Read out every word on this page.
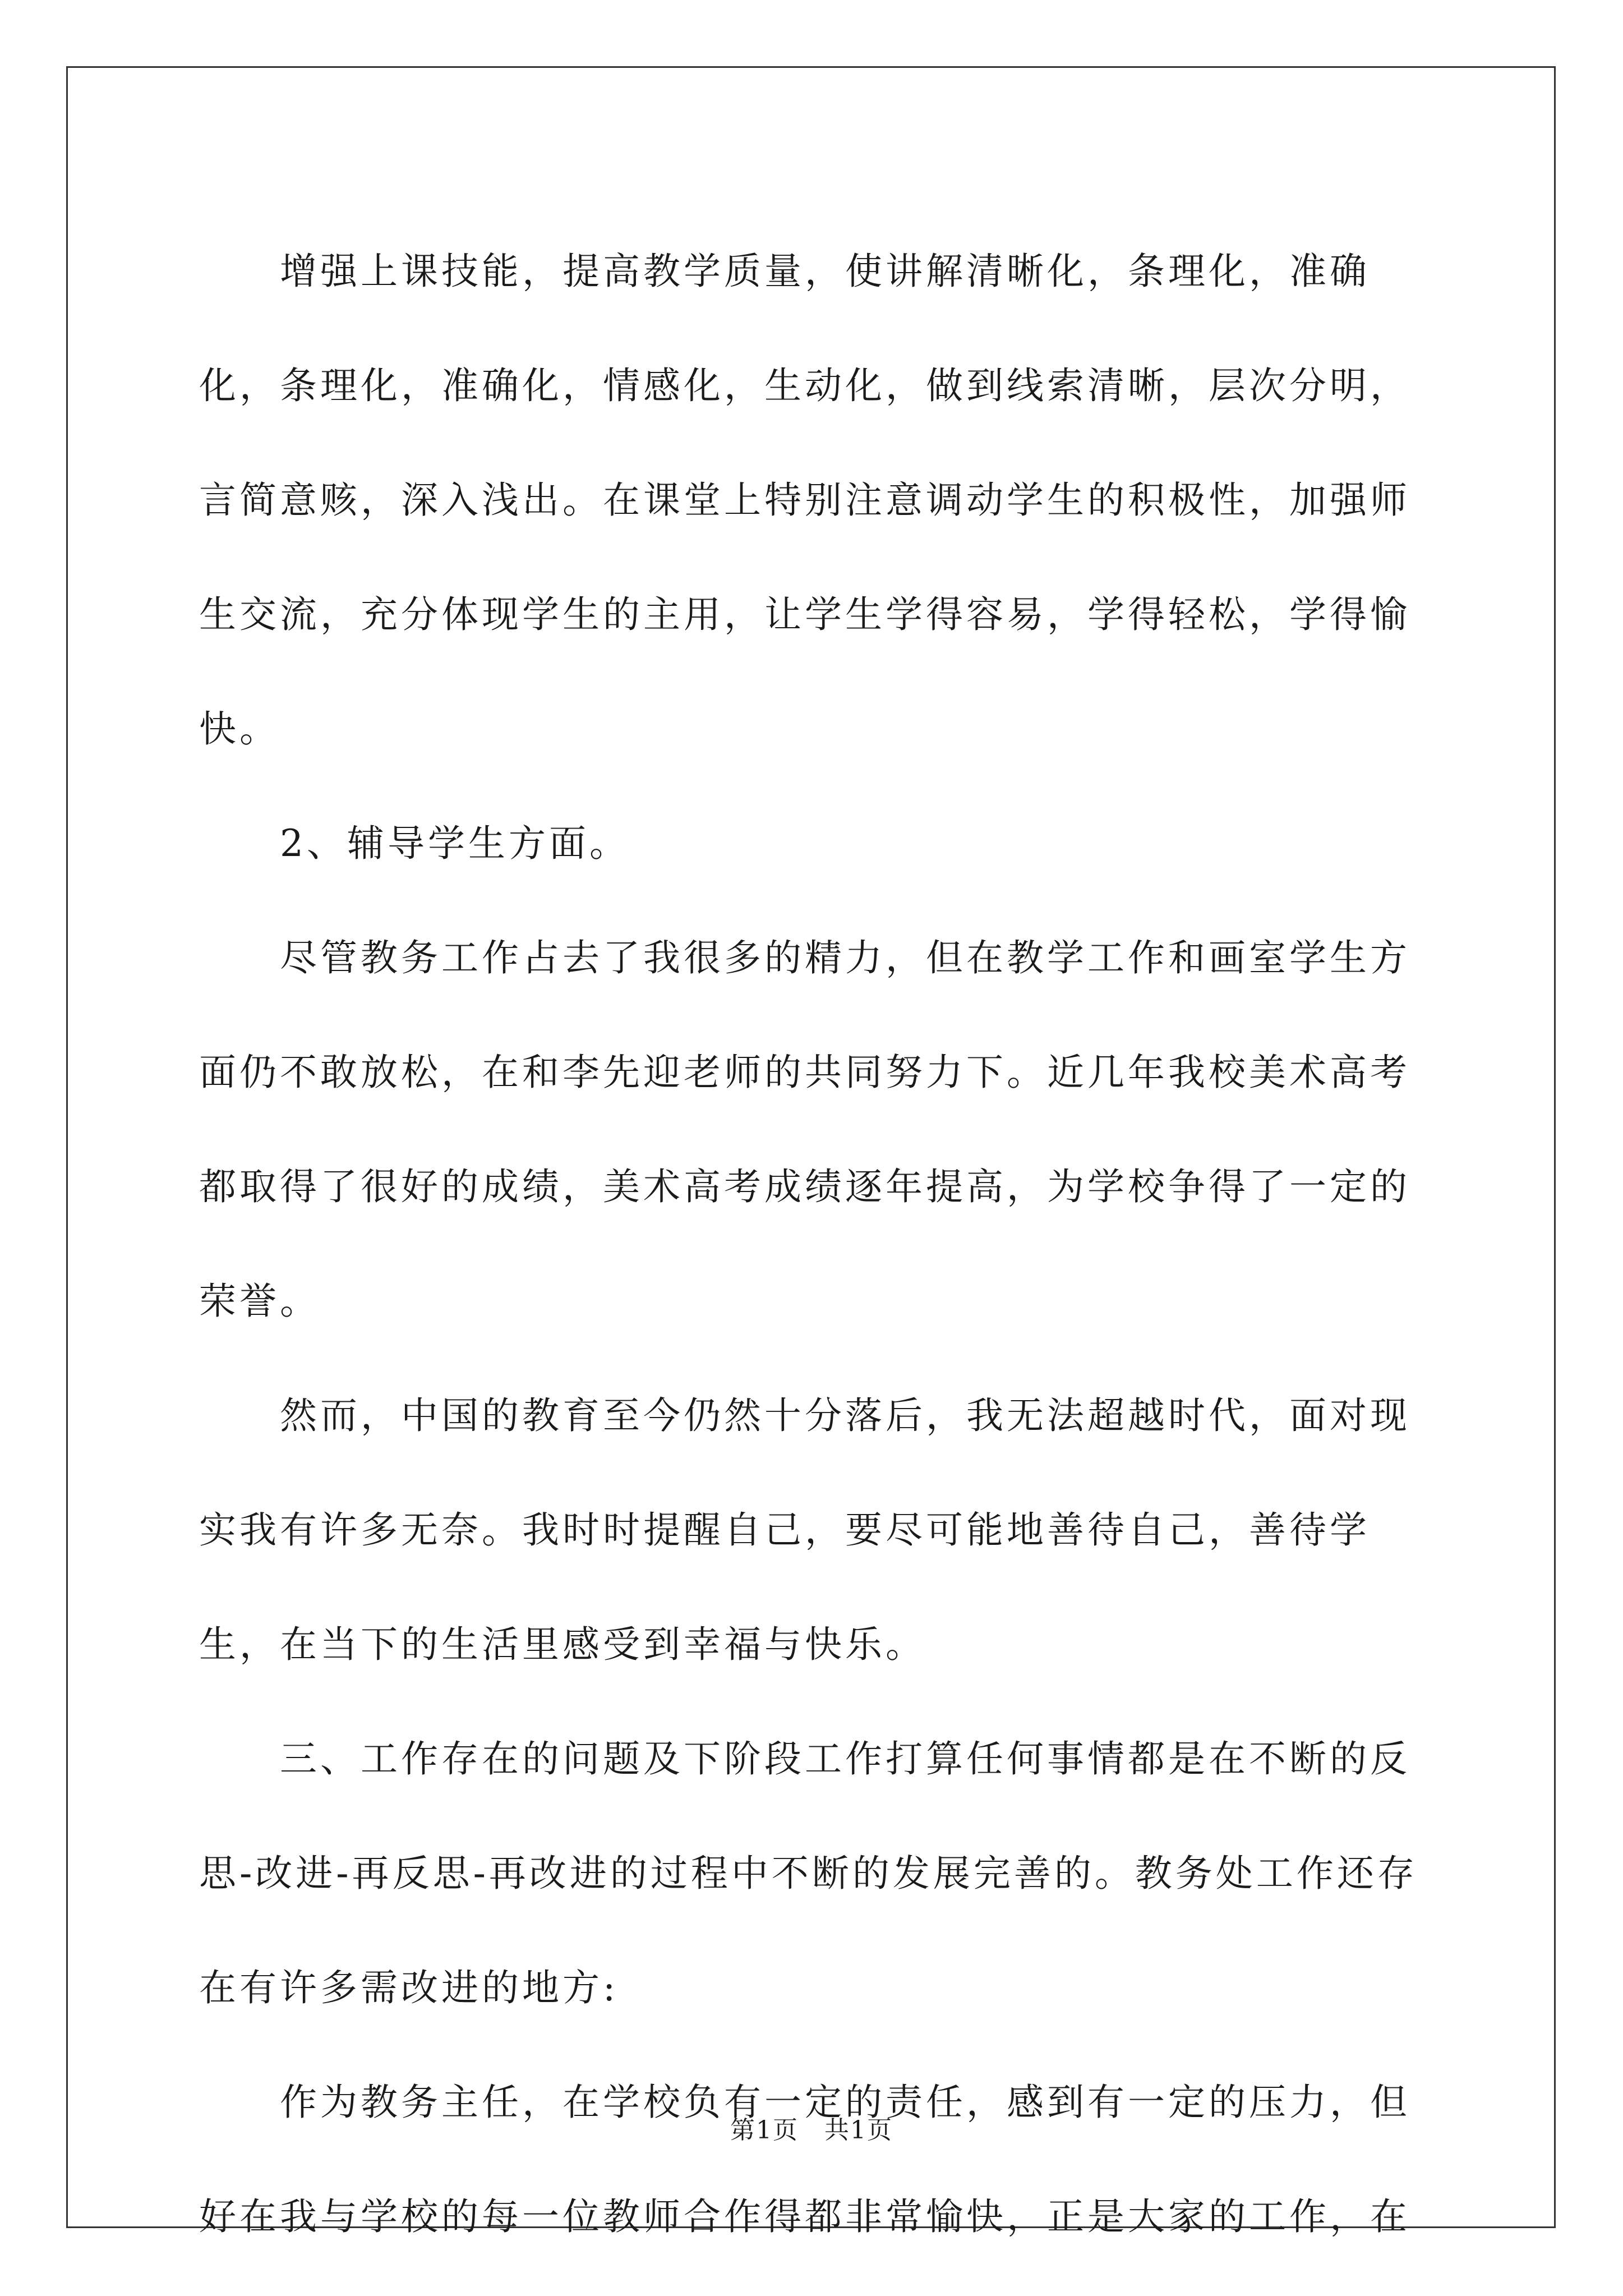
增强上课技能，提高教学质量，使讲解清晰化，条理化，准确化，条理化，准确化，情感化，生动化，做到线索清晰，层次分明，言简意赅，深入浅出。在课堂上特别注意调动学生的积极性，加强师生交流，充分体现学生的主用，让学生学得容易，学得轻松，学得愉快。

2、辅导学生方面。

尽管教务工作占去了我很多的精力，但在教学工作和画室学生方面仍不敢放松，在和李先迎老师的共同努力下。近几年我校美术高考都取得了很好的成绩，美术高考成绩逐年提高，为学校争得了一定的荣誉。

然而，中国的教育至今仍然十分落后，我无法超越时代，面对现实我有许多无奈。我时时提醒自己，要尽可能地善待自己，善待学生，在当下的生活里感受到幸福与快乐。

三、工作存在的问题及下阶段工作打算任何事情都是在不断的反思-改进-再反思-再改进的过程中不断的发展完善的。教务处工作还存在有许多需改进的地方:

作为教务主任，在学校负有一定的责任，感到有一定的压力，但好在我与学校的每一位教师合作得都非常愉快，正是大家的工作，在

第1页　共1页
